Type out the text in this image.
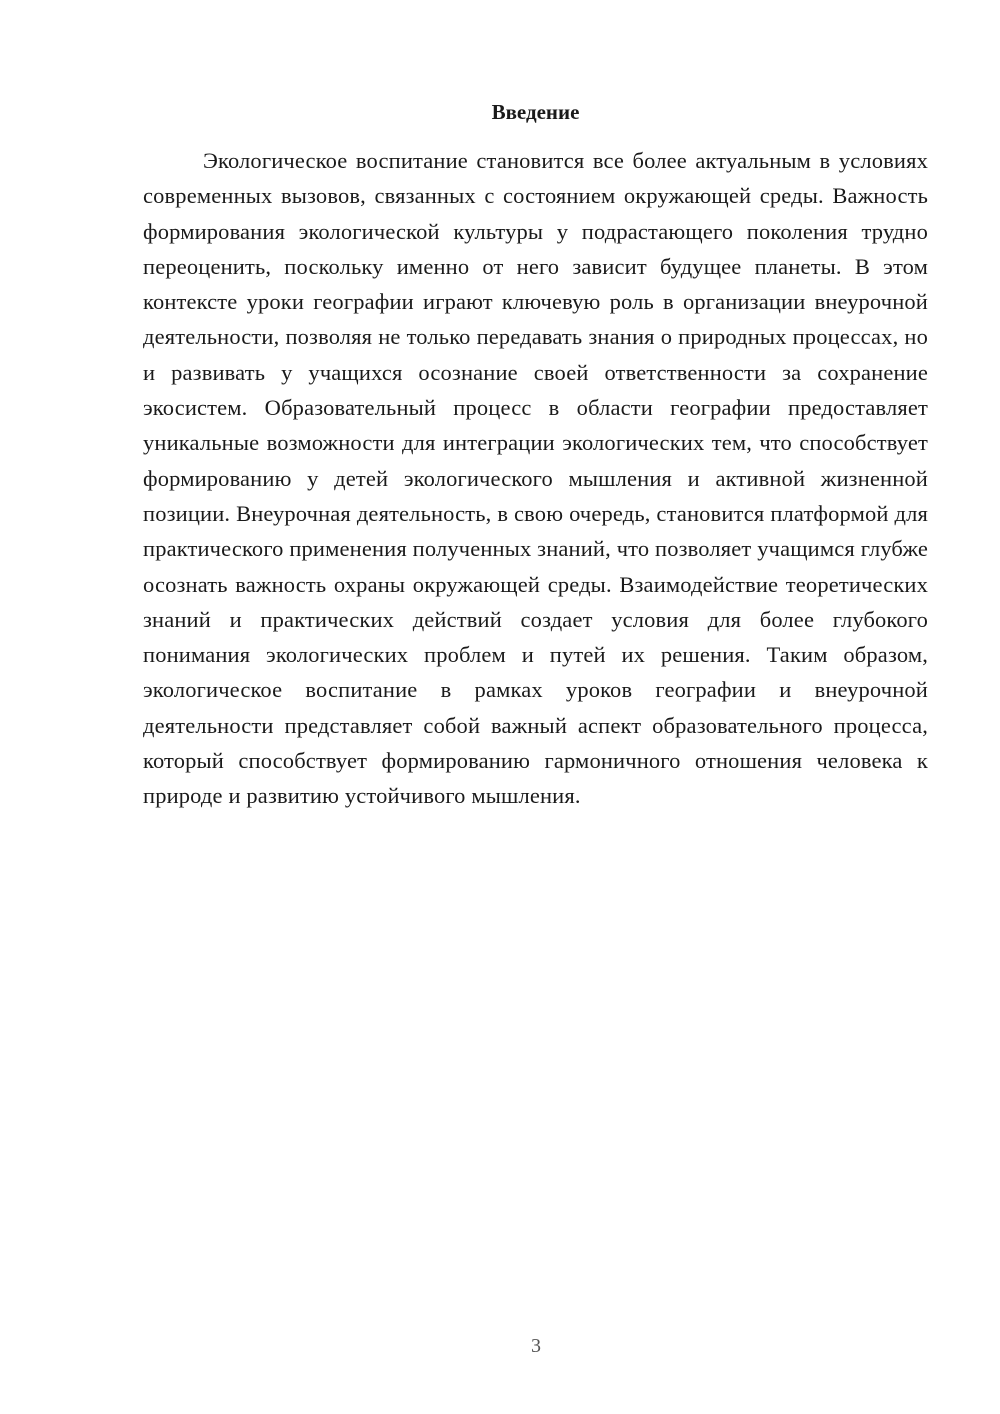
Введение

Экологическое воспитание становится все более актуальным в условиях современных вызовов, связанных с состоянием окружающей среды. Важность формирования экологической культуры у подрастающего поколения трудно переоценить, поскольку именно от него зависит будущее планеты. В этом контексте уроки географии играют ключевую роль в организации внеурочной деятельности, позволяя не только передавать знания о природных процессах, но и развивать у учащихся осознание своей ответственности за сохранение экосистем. Образовательный процесс в области географии предоставляет уникальные возможности для интеграции экологических тем, что способствует формированию у детей экологического мышления и активной жизненной позиции. Внеурочная деятельность, в свою очередь, становится платформой для практического применения полученных знаний, что позволяет учащимся глубже осознать важность охраны окружающей среды. Взаимодействие теоретических знаний и практических действий создает условия для более глубокого понимания экологических проблем и путей их решения. Таким образом, экологическое воспитание в рамках уроков географии и внеурочной деятельности представляет собой важный аспект образовательного процесса, который способствует формированию гармоничного отношения человека к природе и развитию устойчивого мышления.

3
